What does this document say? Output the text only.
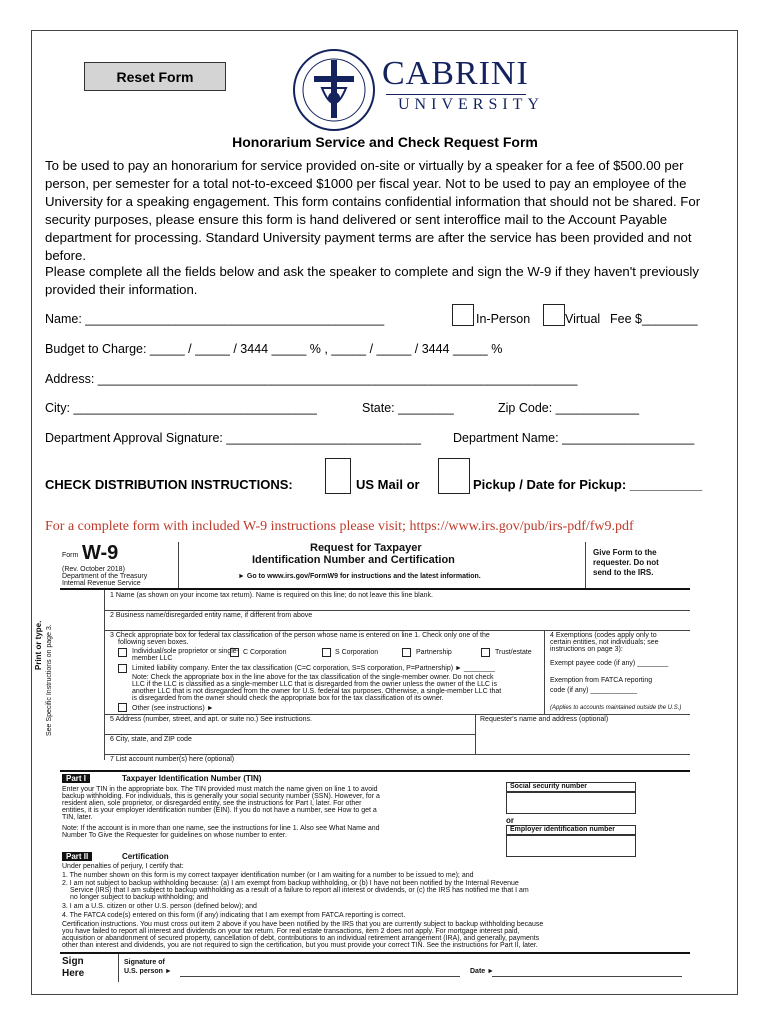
Reset Form	CABRINI
UNIVERSITY
Honorarium Service and Check Request Form
To be used to pay an honorarium for service provided on-site or virtually by a speaker for a fee of $500.00 per person, per semester for a total not-to-exceed $1000 per fiscal year. Not to be used to pay an employee of the University for a speaking engagement. This form contains confidential information that should not be shared. For security purposes, please ensure this form is hand delivered or sent interoffice mail to the Account Payable department for processing. Standard University payment terms are after the service has been provided and not before.
Please complete all the fields below and ask the speaker to complete and sign the W-9 if they haven't previously provided their information.
Name: ___________________________________________	In-Person	Virtual Fee $________
Budget to Charge: _____ / _____ / 3444 _____ % , _____ / _____ / 3444 _____ %
Address: _____________________________________________________________________
City: ___________________________________	State: ________	Zip Code: ____________
Department Approval Signature: ____________________________	Department Name: ___________________
CHECK DISTRIBUTION INSTRUCTIONS:	US Mail or	Pickup / Date for Pickup: __________
For a complete form with included W-9 instructions please visit; https://www.irs.gov/pub/irs-pdf/fw9.pdf
Form W-9
(Rev. October 2018)
Department of the Treasury
Internal Revenue Service
Request for Taxpayer
Identification Number and Certification
► Go to www.irs.gov/FormW9 for instructions and the latest information.
Give Form to the
requester. Do not
send to the IRS.
Print or type. See Specific Instructions on page 3.
1 Name (as shown on your income tax return). Name is required on this line; do not leave this line blank.
2 Business name/disregarded entity name, if different from above
3 Check appropriate box for federal tax classification of the person whose name is entered on line 1. Check only one of the
following seven boxes.
Individual/sole proprietor or single-member LLC
C Corporation	S Corporation	Partnership	Trust/estate
Limited liability company. Enter the tax classification (C=C corporation, S=S corporation, P=Partnership) ► ________
Note: Check the appropriate box in the line above for the tax classification of the single-member owner. Do not check
LLC if the LLC is classified as a single-member LLC that is disregarded from the owner unless the owner of the LLC is
another LLC that is not disregarded from the owner for U.S. federal tax purposes. Otherwise, a single-member LLC that
is disregarded from the owner should check the appropriate box for the tax classification of its owner.
Other (see instructions) ►
4 Exemptions (codes apply only to
certain entities, not individuals; see
instructions on page 3):
Exempt payee code (if any) ________
Exemption from FATCA reporting
code (if any) ____________
(Applies to accounts maintained outside the U.S.)
5 Address (number, street, and apt. or suite no.) See instructions.	Requester's name and address (optional)
6 City, state, and ZIP code
7 List account number(s) here (optional)
Part I	Taxpayer Identification Number (TIN)
Enter your TIN in the appropriate box. The TIN provided must match the name given on line 1 to avoid
backup withholding. For individuals, this is generally your social security number (SSN). However, for a
resident alien, sole proprietor, or disregarded entity, see the instructions for Part I, later. For other
entities, it is your employer identification number (EIN). If you do not have a number, see How to get a
TIN, later.
Note: If the account is in more than one name, see the instructions for line 1. Also see What Name and
Number To Give the Requester for guidelines on whose number to enter.
Social security number
or
Employer identification number
Part II	Certification
Under penalties of perjury, I certify that:
1. The number shown on this form is my correct taxpayer identification number (or I am waiting for a number to be issued to me); and
2. I am not subject to backup withholding because: (a) I am exempt from backup withholding, or (b) I have not been notified by the Internal Revenue
Service (IRS) that I am subject to backup withholding as a result of a failure to report all interest or dividends, or (c) the IRS has notified me that I am
no longer subject to backup withholding; and
3. I am a U.S. citizen or other U.S. person (defined below); and
4. The FATCA code(s) entered on this form (if any) indicating that I am exempt from FATCA reporting is correct.
Certification instructions. You must cross out item 2 above if you have been notified by the IRS that you are currently subject to backup withholding because
you have failed to report all interest and dividends on your tax return. For real estate transactions, item 2 does not apply. For mortgage interest paid,
acquisition or abandonment of secured property, cancellation of debt, contributions to an individual retirement arrangement (IRA), and generally, payments
other than interest and dividends, you are not required to sign the certification, but you must provide your correct TIN. See the instructions for Part II, later.
Sign
Here
Signature of
U.S. person ►	Date ►
